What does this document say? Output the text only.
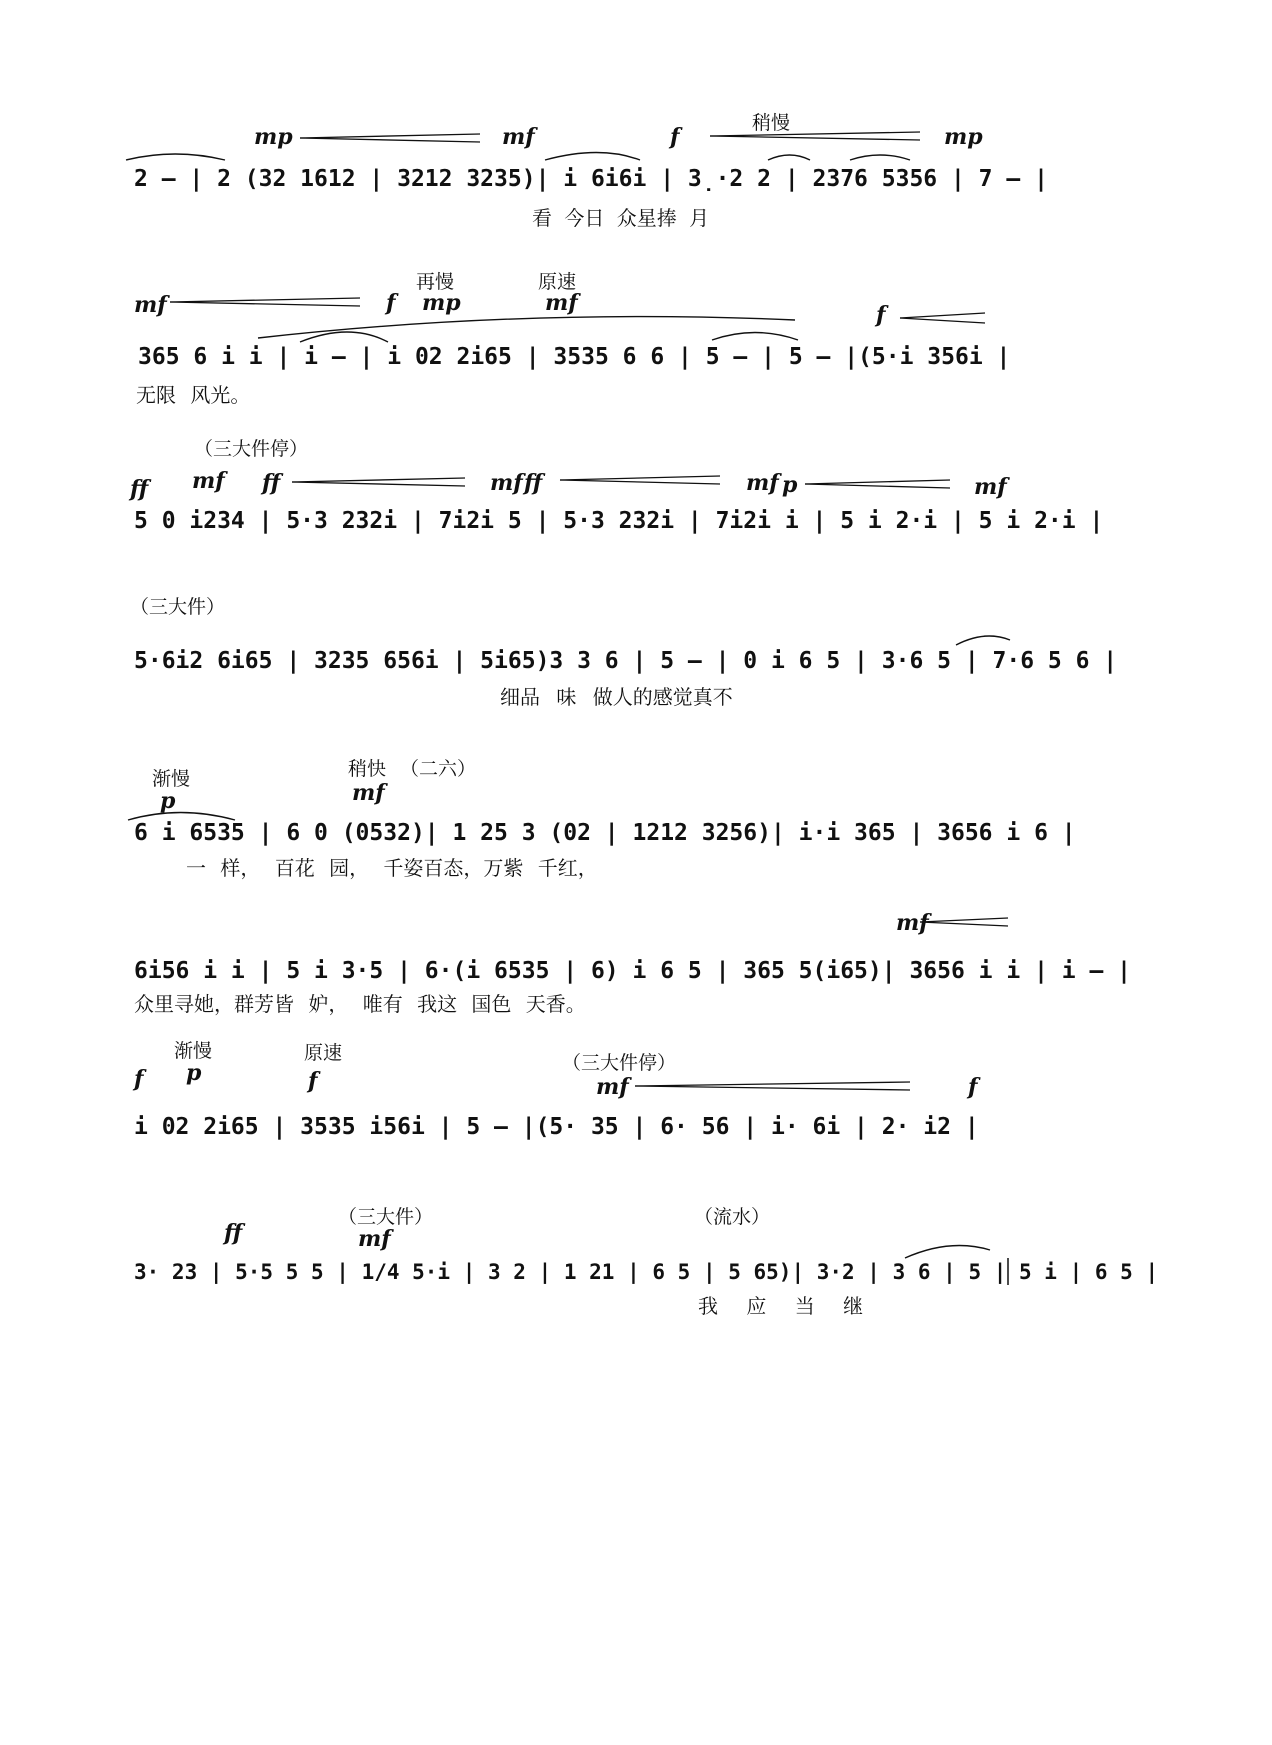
mp	mf	f	mp
稍慢
2 – | 2 (32 1612 | 3212 3235)| i 6i6i | 3̣·2 2 | 2376 5356 | 7 – |
看 今日 众星捧 月
mf	f mp	mf	f
再慢	原速
365 6 i i | i – | i 02 2i65 | 3535 6 6 | 5 – | 5 – |(5·i 356i |
无限 风光。
（三大件停）
ff mf ff	mf ff	mf p	mf
5 0 i234 | 5·3 232i | 7i2i 5 | 5·3 232i | 7i2i i | 5 i 2·i | 5 i 2·i |
（三大件）
5·6i2 6i65 | 3235 656i | 5i65)3 3 6 | 5 – | 0 i 6 5 | 3·6 5 | 7·6 5 6 |
细品 味 做人的感觉真不
渐慢	稍快 （二六）
p	mf
6 i 6535 | 6 0 (0532)| 1 25 3 (02 | 1212 3256)| i·i 365 | 3656 i 6 |
一 样， 百花 园， 千姿百态，万紫 千红，
mf
6i56 i i | 5 i 3·5 | 6·(i 6535 | 6) i 6 5 | 365 5(i65)| 3656 i i | i – |
众里寻她，群芳皆 妒， 唯有 我这 国色 天香。
渐慢	原速	（三大件停）
f p	f	mf	f
i 02 2i65 | 3535 i56i | 5 – |(5· 35 | 6· 56 | i· 6i | 2· i2 |
（三大件）	（流水）
ff	mf
3· 23 | 5·5 5 5 | 1/4 5·i | 3 2 | 1 21 | 6 5 | 5 65)| 3·2 | 3 6 | 5 | 5 i | 6 5 |
我 应 当 继
